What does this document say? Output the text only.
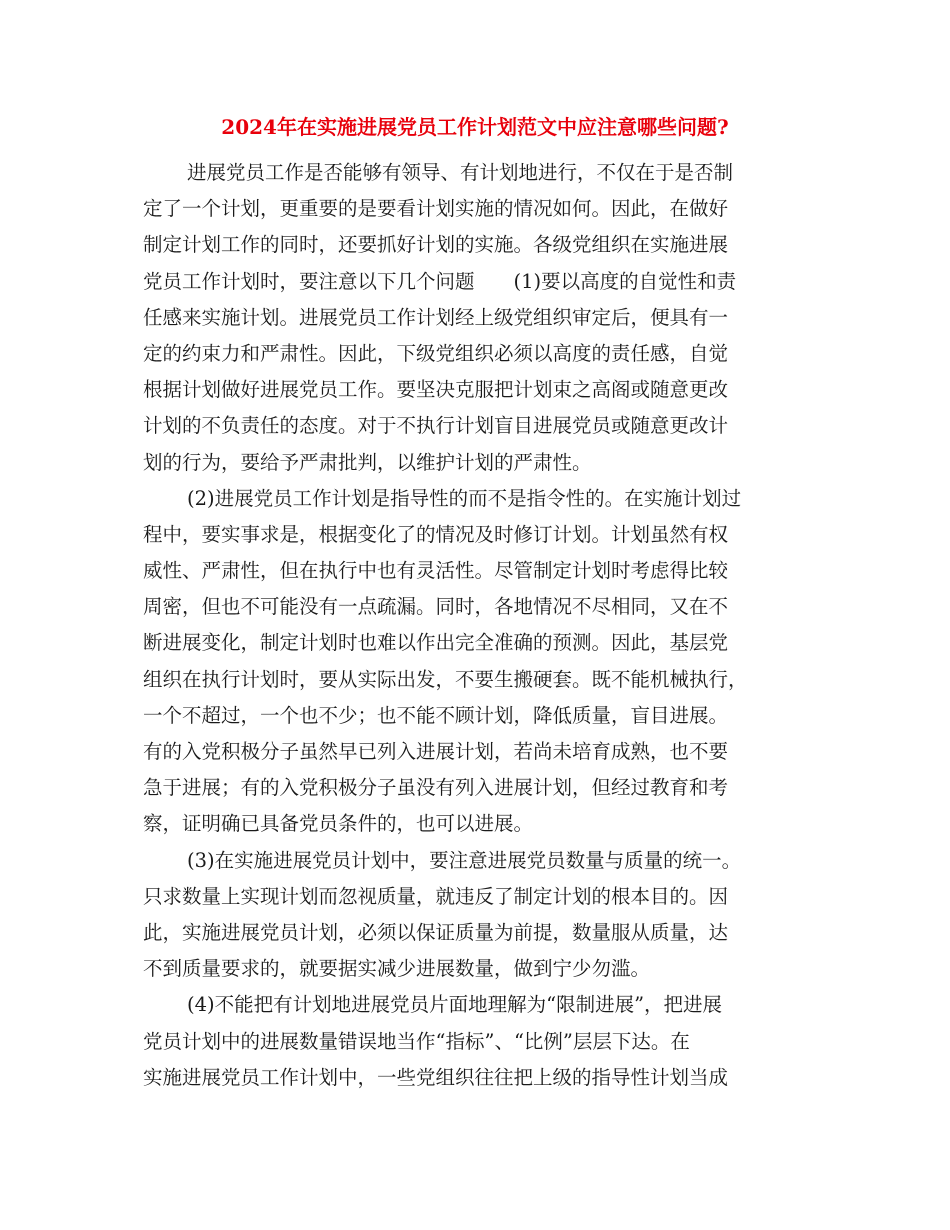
2024年在实施进展党员工作计划范文中应注意哪些问题?
进展党员工作是否能够有领导、有计划地进行，不仅在于是否制
定了一个计划，更重要的是要看计划实施的情况如何。因此，在做好
制定计划工作的同时，还要抓好计划的实施。各级党组织在实施进展
党员工作计划时，要注意以下几个问题　　(1)要以高度的自觉性和责
任感来实施计划。进展党员工作计划经上级党组织审定后，便具有一
定的约束力和严肃性。因此，下级党组织必须以高度的责任感，自觉
根据计划做好进展党员工作。要坚决克服把计划束之高阁或随意更改
计划的不负责任的态度。对于不执行计划盲目进展党员或随意更改计
划的行为，要给予严肃批判，以维护计划的严肃性。
(2)进展党员工作计划是指导性的而不是指令性的。在实施计划过
程中，要实事求是，根据变化了的情况及时修订计划。计划虽然有权
威性、严肃性，但在执行中也有灵活性。尽管制定计划时考虑得比较
周密，但也不可能没有一点疏漏。同时，各地情况不尽相同，又在不
断进展变化，制定计划时也难以作出完全准确的预测。因此，基层党
组织在执行计划时，要从实际出发，不要生搬硬套。既不能机械执行，
一个不超过，一个也不少；也不能不顾计划，降低质量，盲目进展。
有的入党积极分子虽然早已列入进展计划，若尚未培育成熟，也不要
急于进展；有的入党积极分子虽没有列入进展计划，但经过教育和考
察，证明确已具备党员条件的，也可以进展。
(3)在实施进展党员计划中，要注意进展党员数量与质量的统一。
只求数量上实现计划而忽视质量，就违反了制定计划的根本目的。因
此，实施进展党员计划，必须以保证质量为前提，数量服从质量，达
不到质量要求的，就要据实减少进展数量，做到宁少勿滥。
(4)不能把有计划地进展党员片面地理解为“限制进展”，把进展
党员计划中的进展数量错误地当作“指标”、“比例”层层下达。在
实施进展党员工作计划中，一些党组织往往把上级的指导性计划当成
